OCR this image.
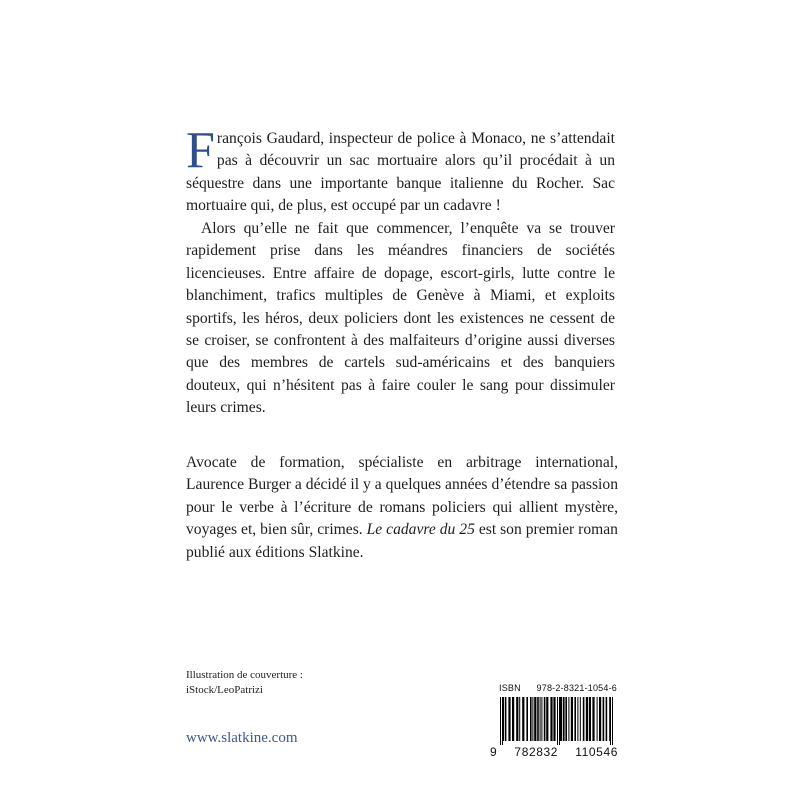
François Gaudard, inspecteur de police à Monaco, ne s’attendait pas à découvrir un sac mortuaire alors qu’il procédait à un séquestre dans une importante banque italienne du Rocher. Sac mortuaire qui, de plus, est occupé par un cadavre !

Alors qu’elle ne fait que commencer, l’enquête va se trouver rapidement prise dans les méandres financiers de sociétés licencieuses. Entre affaire de dopage, escort-girls, lutte contre le blanchiment, trafics multiples de Genève à Miami, et exploits sportifs, les héros, deux policiers dont les existences ne cessent de se croiser, se confrontent à des malfaiteurs d’origine aussi diverses que des membres de cartels sud-américains et des banquiers douteux, qui n’hésitent pas à faire couler le sang pour dissimuler leurs crimes.

Avocate de formation, spécialiste en arbitrage international, Laurence Burger a décidé il y a quelques années d’étendre sa passion pour le verbe à l’écriture de romans policiers qui allient mystère, voyages et, bien sûr, crimes. Le cadavre du 25 est son premier roman publié aux éditions Slatkine.

Illustration de couverture :
iStock/LeoPatrizi
www.slatkine.com
ISBN 978-2-8321-1054-6
9 782832 110546
